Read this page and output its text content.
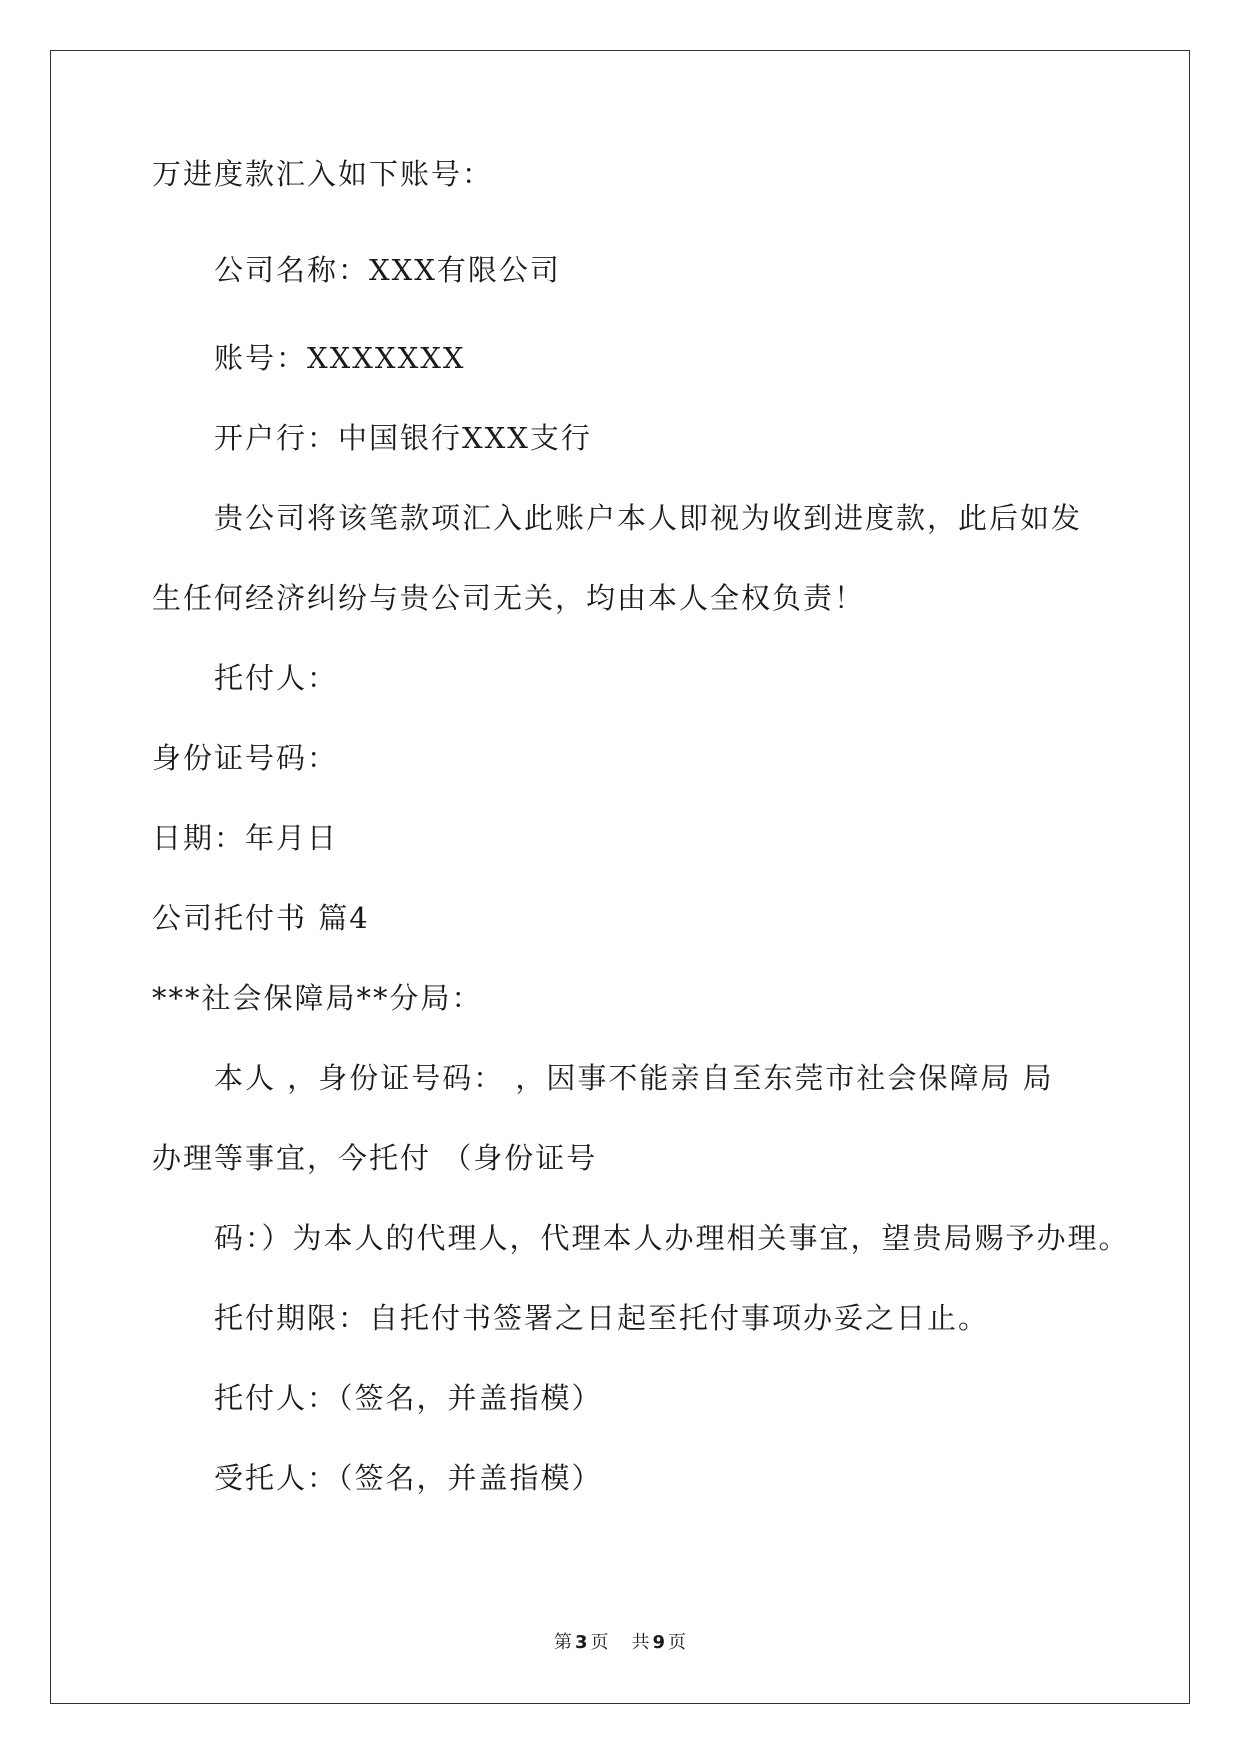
万进度款汇入如下账号：
公司名称：XXX有限公司
账号：XXXXXXX
开户行：中国银行XXX支行
贵公司将该笔款项汇入此账户本人即视为收到进度款，此后如发
生任何经济纠纷与贵公司无关，均由本人全权负责！
托付人：
身份证号码：
日期：年月日
公司托付书 篇4
***社会保障局**分局：
本人 ，身份证号码： ，因事不能亲自至东莞市社会保障局 局
办理等事宜，今托付 （身份证号
码：）为本人的代理人，代理本人办理相关事宜，望贵局赐予办理。
托付期限：自托付书签署之日起至托付事项办妥之日止。
托付人：（签名，并盖指模）
受托人：（签名，并盖指模）
第 3 页 共 9 页
